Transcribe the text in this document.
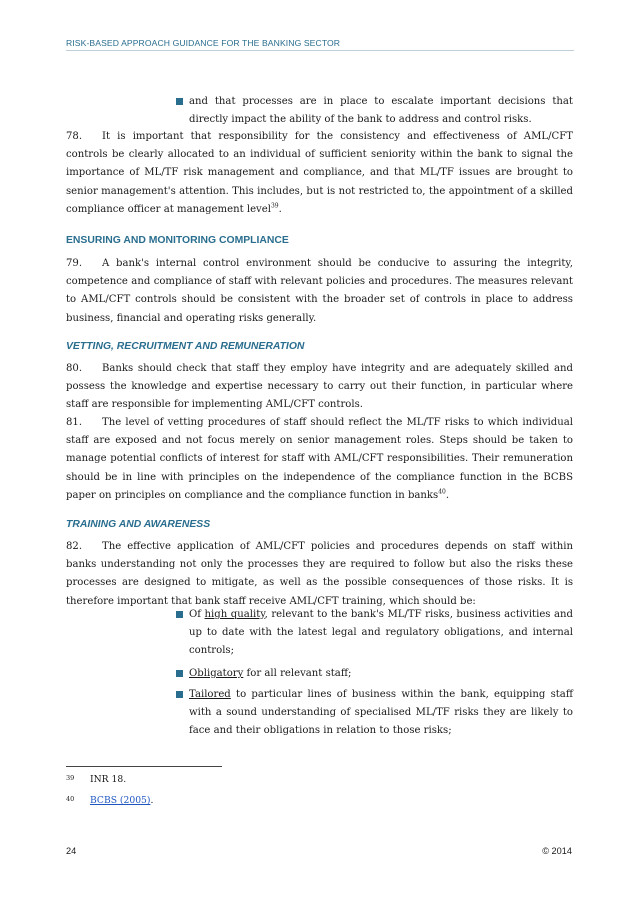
RISK-BASED APPROACH GUIDANCE FOR THE BANKING SECTOR

and that processes are in place to escalate important decisions that directly impact the ability of the bank to address and control risks.

78. It is important that responsibility for the consistency and effectiveness of AML/CFT controls be clearly allocated to an individual of sufficient seniority within the bank to signal the importance of ML/TF risk management and compliance, and that ML/TF issues are brought to senior management's attention. This includes, but is not restricted to, the appointment of a skilled compliance officer at management level$^{39}$.

ENSURING AND MONITORING COMPLIANCE

79. A bank's internal control environment should be conducive to assuring the integrity, competence and compliance of staff with relevant policies and procedures. The measures relevant to AML/CFT controls should be consistent with the broader set of controls in place to address business, financial and operating risks generally.

VETTING, RECRUITMENT AND REMUNERATION

80. Banks should check that staff they employ have integrity and are adequately skilled and possess the knowledge and expertise necessary to carry out their function, in particular where staff are responsible for implementing AML/CFT controls.

81. The level of vetting procedures of staff should reflect the ML/TF risks to which individual staff are exposed and not focus merely on senior management roles. Steps should be taken to manage potential conflicts of interest for staff with AML/CFT responsibilities. Their remuneration should be in line with principles on the independence of the compliance function in the BCBS paper on principles on compliance and the compliance function in banks$^{40}$.

TRAINING AND AWARENESS

82. The effective application of AML/CFT policies and procedures depends on staff within banks understanding not only the processes they are required to follow but also the risks these processes are designed to mitigate, as well as the possible consequences of those risks. It is therefore important that bank staff receive AML/CFT training, which should be:

Of high quality, relevant to the bank's ML/TF risks, business activities and up to date with the latest legal and regulatory obligations, and internal controls;

Obligatory for all relevant staff;

Tailored to particular lines of business within the bank, equipping staff with a sound understanding of specialised ML/TF risks they are likely to face and their obligations in relation to those risks;

39 INR 18.

40 BCBS (2005).

24	© 2014
